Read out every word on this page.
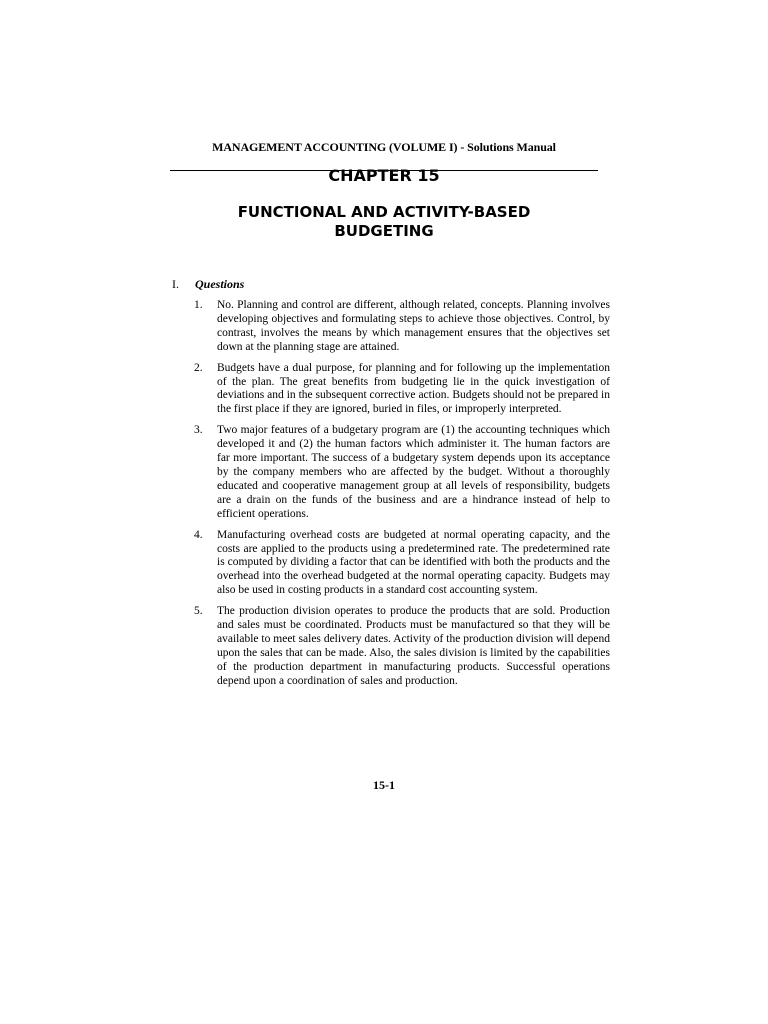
MANAGEMENT ACCOUNTING (VOLUME I) - Solutions Manual
CHAPTER 15
FUNCTIONAL AND ACTIVITY-BASED BUDGETING
I. Questions
1.	No. Planning and control are different, although related, concepts. Planning involves developing objectives and formulating steps to achieve those objectives. Control, by contrast, involves the means by which management ensures that the objectives set down at the planning stage are attained.
2.	Budgets have a dual purpose, for planning and for following up the implementation of the plan. The great benefits from budgeting lie in the quick investigation of deviations and in the subsequent corrective action. Budgets should not be prepared in the first place if they are ignored, buried in files, or improperly interpreted.
3.	Two major features of a budgetary program are (1) the accounting techniques which developed it and (2) the human factors which administer it. The human factors are far more important. The success of a budgetary system depends upon its acceptance by the company members who are affected by the budget. Without a thoroughly educated and cooperative management group at all levels of responsibility, budgets are a drain on the funds of the business and are a hindrance instead of help to efficient operations.
4.	Manufacturing overhead costs are budgeted at normal operating capacity, and the costs are applied to the products using a predetermined rate. The predetermined rate is computed by dividing a factor that can be identified with both the products and the overhead into the overhead budgeted at the normal operating capacity. Budgets may also be used in costing products in a standard cost accounting system.
5.	The production division operates to produce the products that are sold. Production and sales must be coordinated. Products must be manufactured so that they will be available to meet sales delivery dates. Activity of the production division will depend upon the sales that can be made. Also, the sales division is limited by the capabilities of the production department in manufacturing products. Successful operations depend upon a coordination of sales and production.
15-1
